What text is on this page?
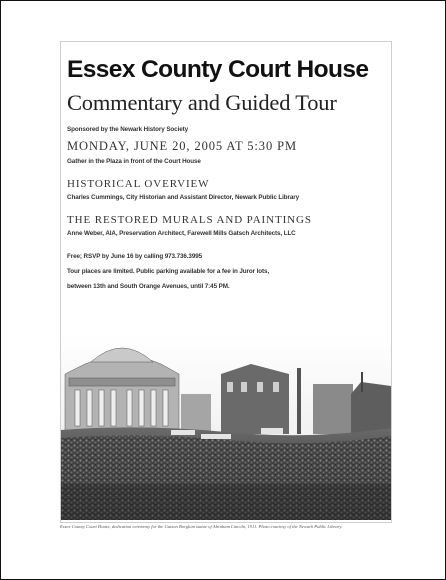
Essex County Court House
Commentary and Guided Tour
Sponsored by the Newark History Society
MONDAY, JUNE 20, 2005 AT 5:30 PM
Gather in the Plaza in front of the Court House
HISTORICAL OVERVIEW
Charles Cummings, City Historian and Assistant Director, Newark Public Library
THE RESTORED MURALS AND PAINTINGS
Anne Weber, AIA, Preservation Architect, Farewell Mills Gatsch Architects, LLC
Free; RSVP by June 16 by calling 973.736.3995
Tour places are limited. Public parking available for a fee in Juror lots,
between 13th and South Orange Avenues, until 7:45 PM.
Essex County Court House, dedication ceremony for the Gutzon Borglum statue of Abraham Lincoln, 1911. Photo courtesy of the Newark Public Library.
